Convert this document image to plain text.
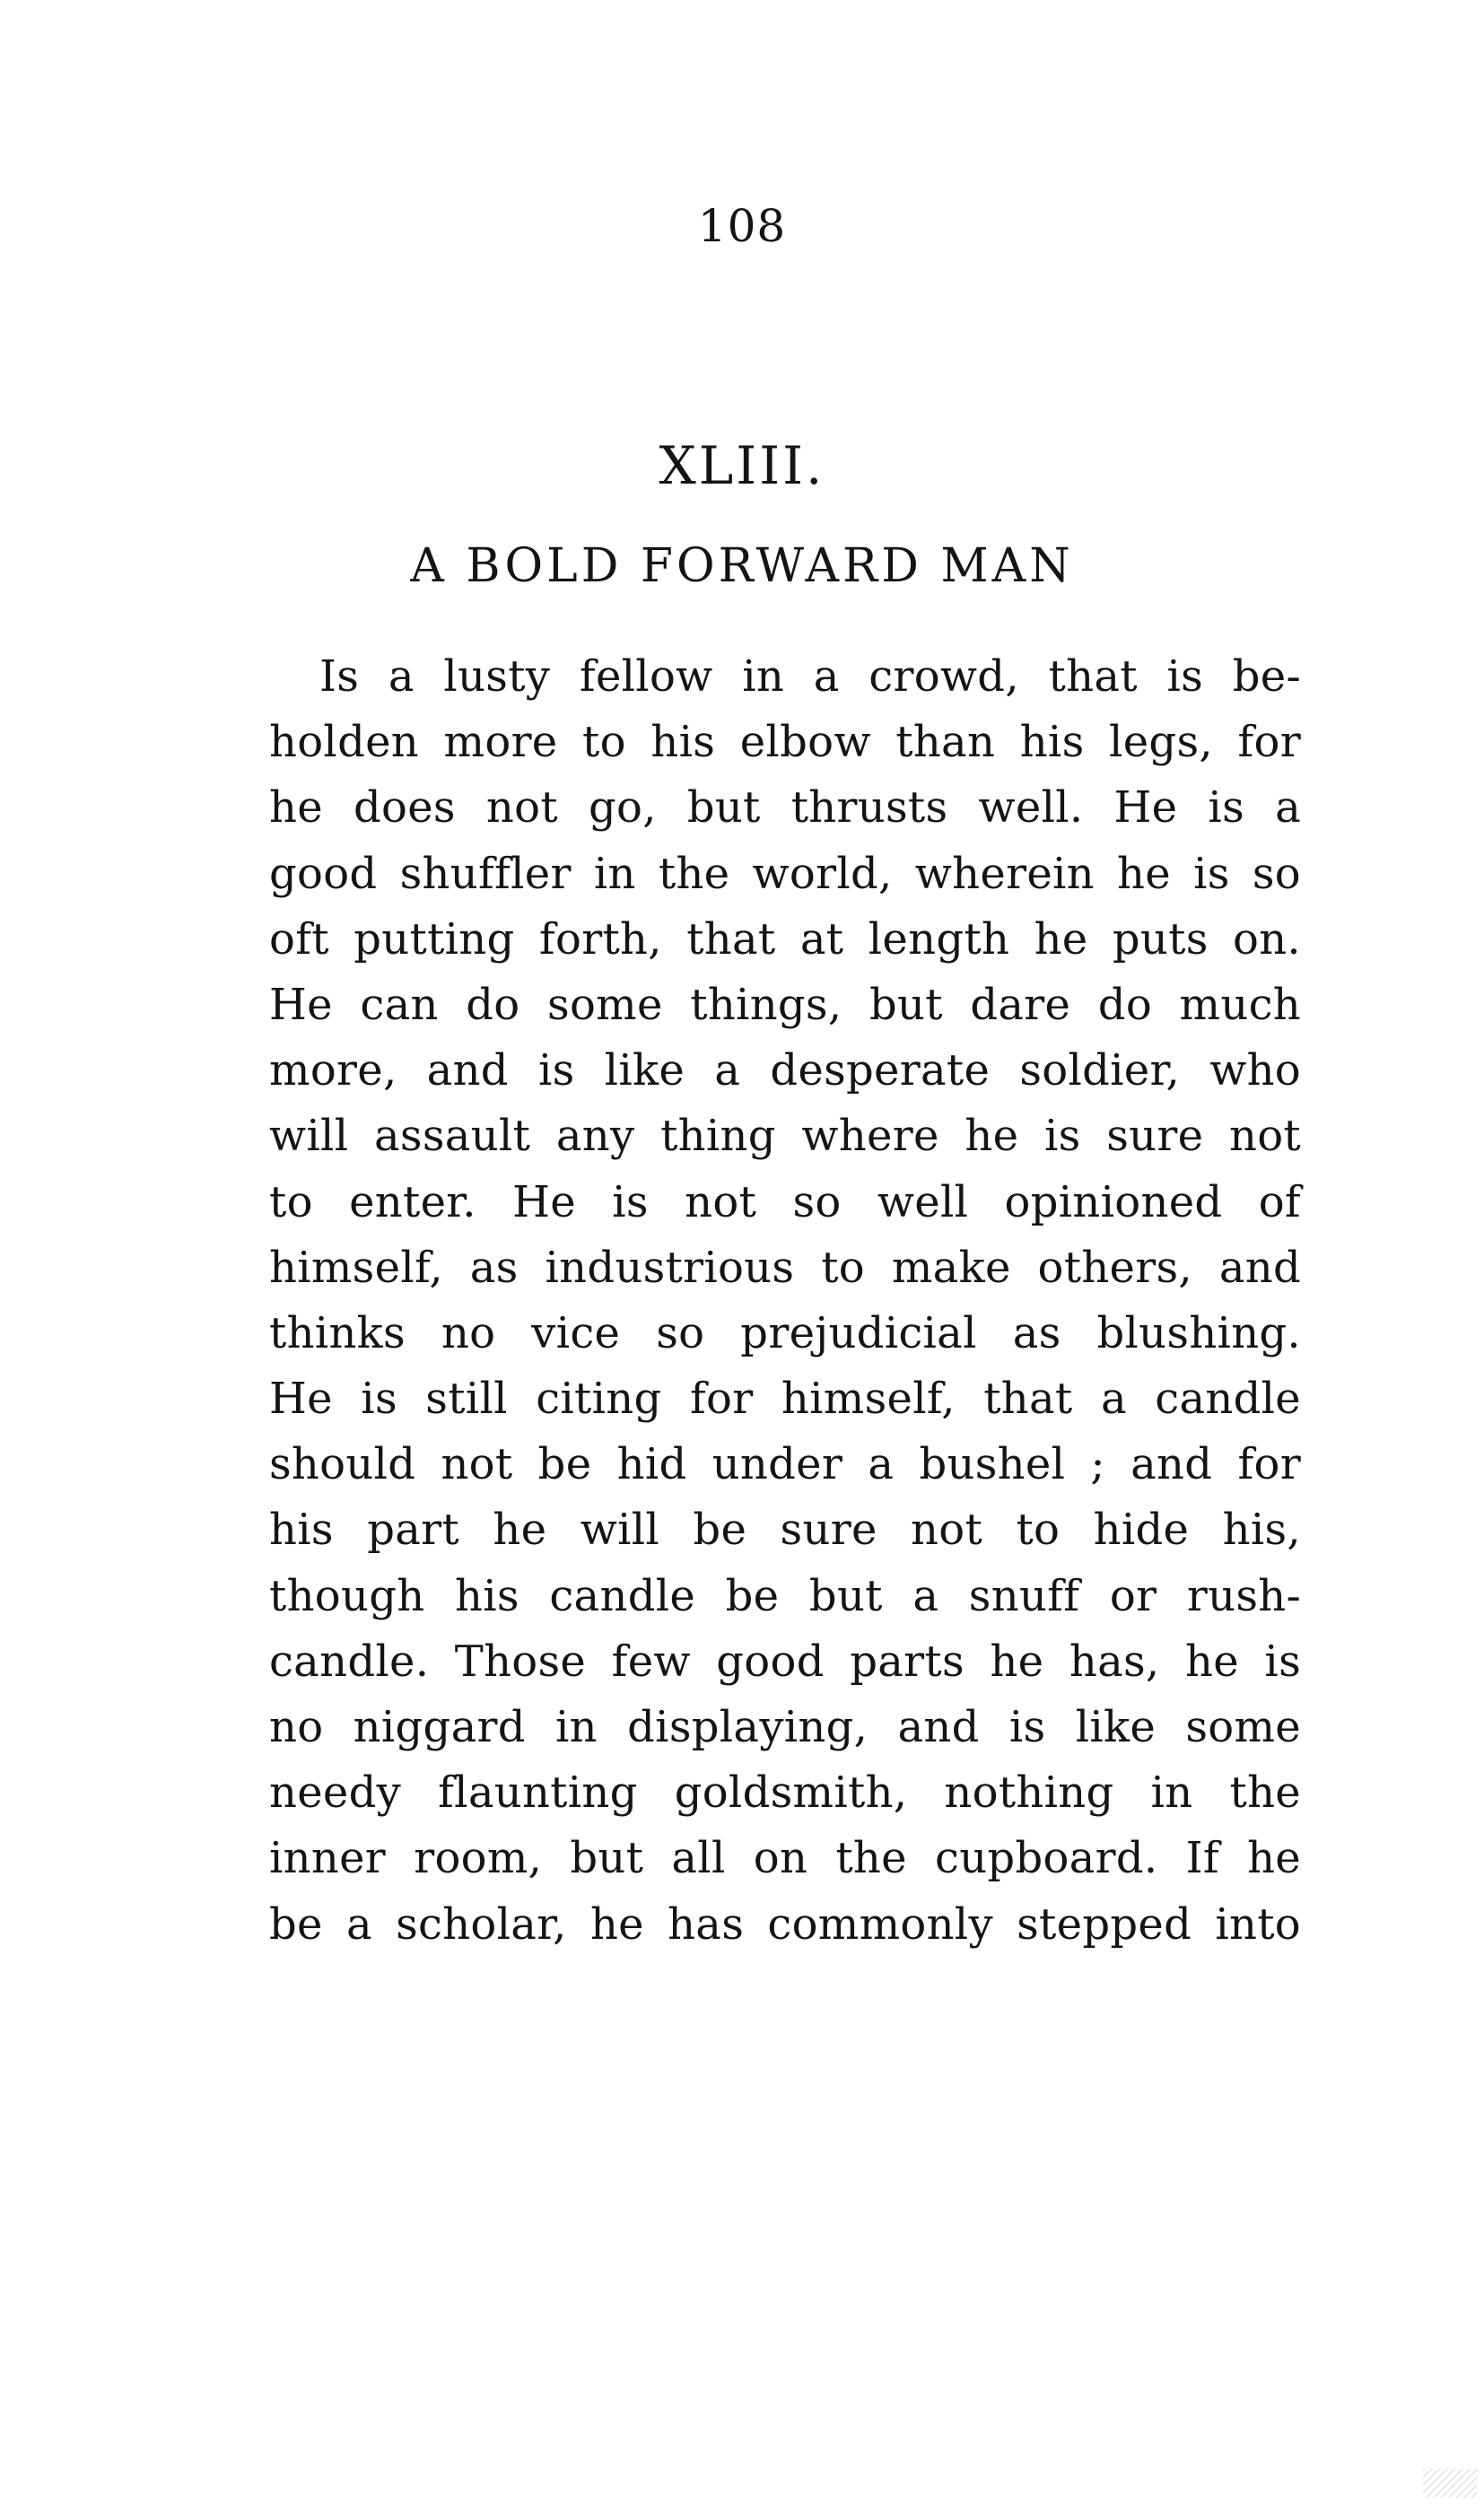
108
XLIII.
A BOLD FORWARD MAN
Is a lusty fellow in a crowd, that is be-
holden more to his elbow than his legs, for
he does not go, but thrusts well. He is a
good shuffler in the world, wherein he is so
oft putting forth, that at length he puts on.
He can do some things, but dare do much
more, and is like a desperate soldier, who
will assault any thing where he is sure not
to enter. He is not so well opinioned of
himself, as industrious to make others, and
thinks no vice so prejudicial as blushing.
He is still citing for himself, that a candle
should not be hid under a bushel ; and for
his part he will be sure not to hide his,
though his candle be but a snuff or rush-
candle. Those few good parts he has, he is
no niggard in displaying, and is like some
needy flaunting goldsmith, nothing in the
inner room, but all on the cupboard. If he
be a scholar, he has commonly stepped into
